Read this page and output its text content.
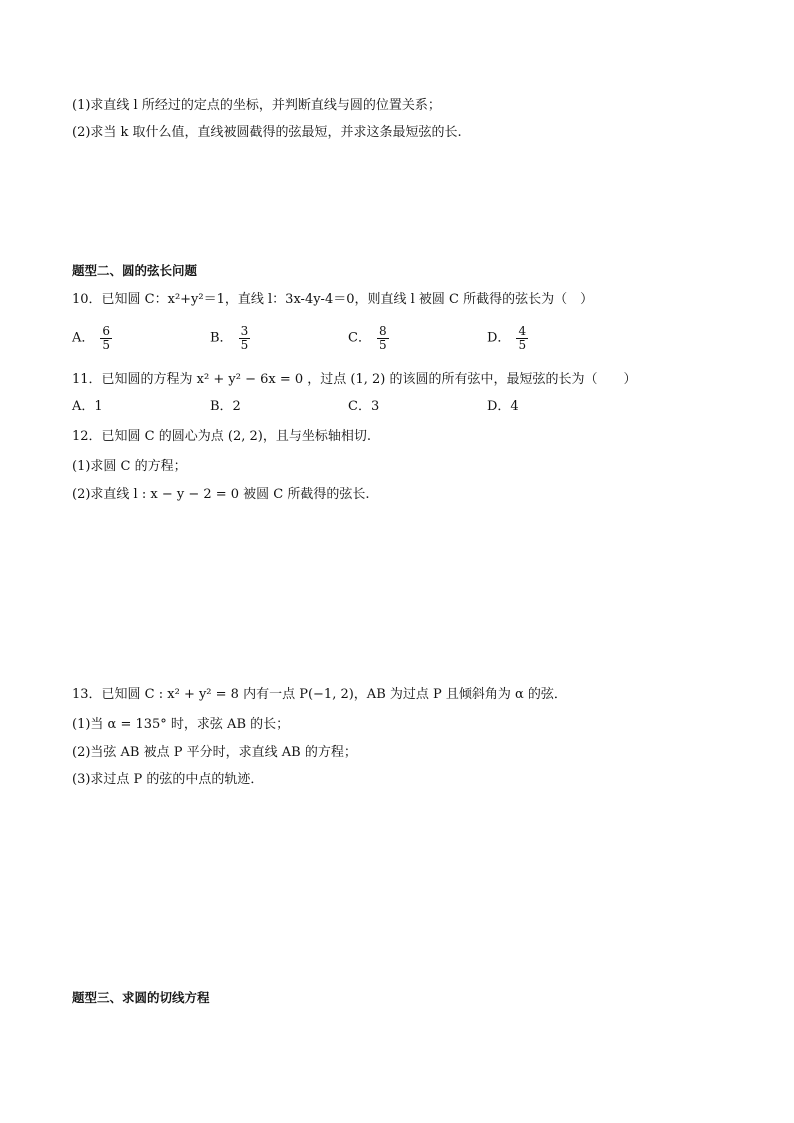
(1)求直线 l 所经过的定点的坐标，并判断直线与圆的位置关系；
(2)求当 k 取什么值，直线被圆截得的弦最短，并求这条最短弦的长.
题型二、圆的弦长问题
10．已知圆 C：x²+y²＝1，直线 l：3x-4y-4＝0，则直线 l 被圆 C 所截得的弦长为（　）
A． $\frac{6}{5}$	B． $\frac{3}{5}$	C． $\frac{8}{5}$	D． $\frac{4}{5}$
11．已知圆的方程为 x² + y² − 6x = 0 ，过点 (1, 2) 的该圆的所有弦中，最短弦的长为（　　）
A．1	B．2	C．3	D．4
12．已知圆 C 的圆心为点 (2, 2)，且与坐标轴相切.
(1)求圆 C 的方程；
(2)求直线 l : x − y − 2 = 0 被圆 C 所截得的弦长.
13．已知圆 C : x² + y² = 8 内有一点 P(−1, 2)，AB 为过点 P 且倾斜角为 α 的弦．
(1)当 α = 135° 时，求弦 AB 的长；
(2)当弦 AB 被点 P 平分时，求直线 AB 的方程；
(3)求过点 P 的弦的中点的轨迹．
题型三、求圆的切线方程
